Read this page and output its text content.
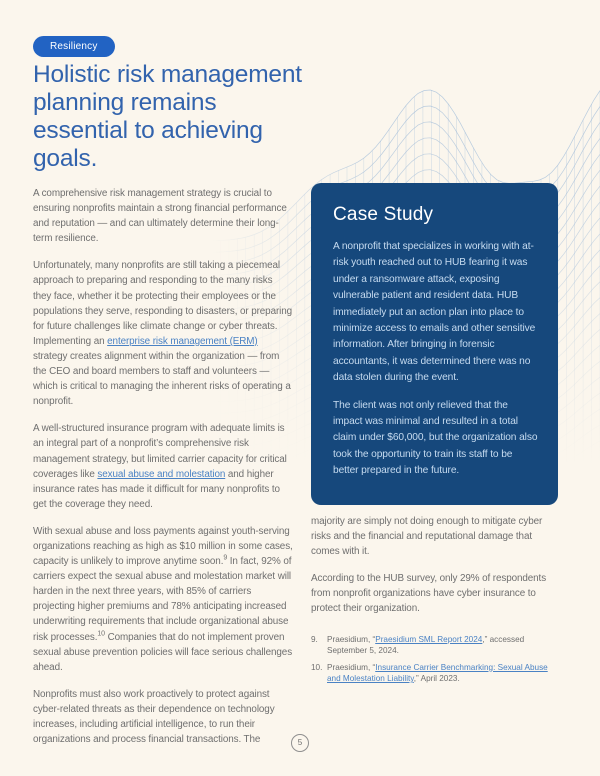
Resiliency
Holistic risk management planning remains essential to achieving goals.

A comprehensive risk management strategy is crucial to ensuring nonprofits maintain a strong financial performance and reputation — and can ultimately determine their long-term resilience.

Unfortunately, many nonprofits are still taking a piecemeal approach to preparing and responding to the many risks they face, whether it be protecting their employees or the populations they serve, responding to disasters, or preparing for future challenges like climate change or cyber threats. Implementing an enterprise risk management (ERM) strategy creates alignment within the organization — from the CEO and board members to staff and volunteers — which is critical to managing the inherent risks of operating a nonprofit.

A well-structured insurance program with adequate limits is an integral part of a nonprofit’s comprehensive risk management strategy, but limited carrier capacity for critical coverages like sexual abuse and molestation and higher insurance rates has made it difficult for many nonprofits to get the coverage they need.

With sexual abuse and loss payments against youth-serving organizations reaching as high as $10 million in some cases, capacity is unlikely to improve anytime soon.$^9$ In fact, 92% of carriers expect the sexual abuse and molestation market will harden in the next three years, with 85% of carriers projecting higher premiums and 78% anticipating increased underwriting requirements that include organizational abuse risk processes.$^{10}$ Companies that do not implement proven sexual abuse prevention policies will face serious challenges ahead.

Nonprofits must also work proactively to protect against cyber-related threats as their dependence on technology increases, including artificial intelligence, to run their organizations and process financial transactions. The

Case Study

A nonprofit that specializes in working with at-risk youth reached out to HUB fearing it was under a ransomware attack, exposing vulnerable patient and resident data. HUB immediately put an action plan into place to minimize access to emails and other sensitive information. After bringing in forensic accountants, it was determined there was no data stolen during the event.

The client was not only relieved that the impact was minimal and resulted in a total claim under $60,000, but the organization also took the opportunity to train its staff to be better prepared in the future.

majority are simply not doing enough to mitigate cyber risks and the financial and reputational damage that comes with it.

According to the HUB survey, only 29% of respondents from nonprofit organizations have cyber insurance to protect their organization.

9.	Praesidium, “Praesidium SML Report 2024,” accessed September 5, 2024.
10. Praesidium, “Insurance Carrier Benchmarking: Sexual Abuse and Molestation Liability,” April 2023.
5
